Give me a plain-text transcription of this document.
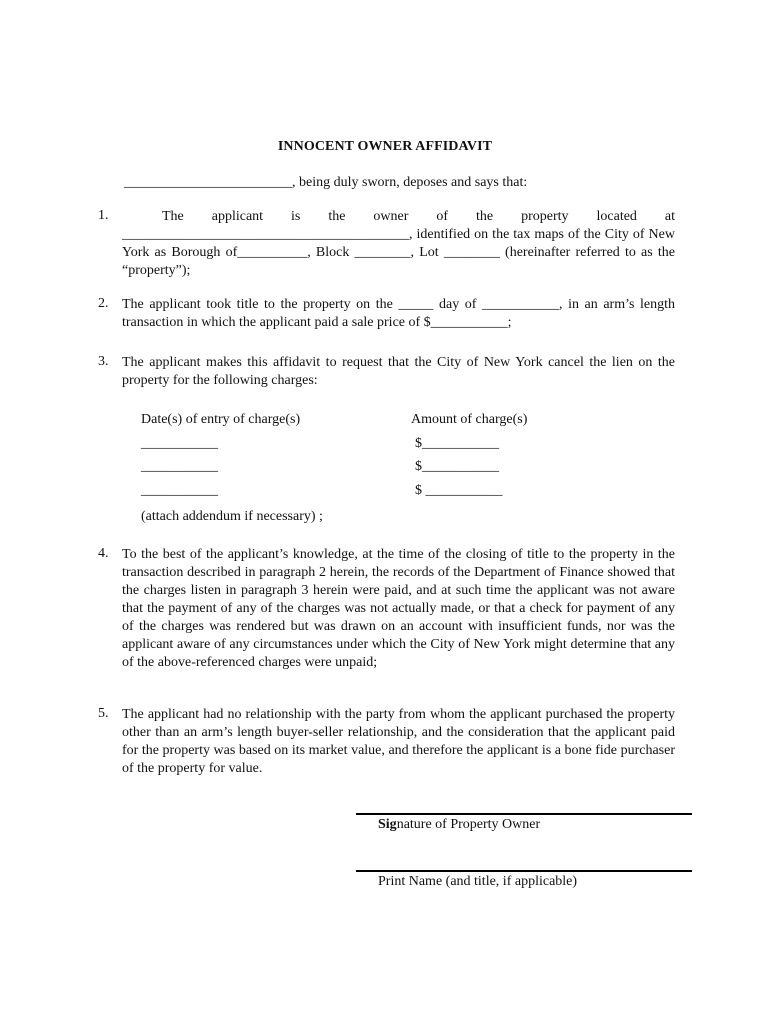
INNOCENT OWNER AFFIDAVIT
________________________, being duly sworn, deposes and says that:
1.	The applicant is the owner of the property located at
_________________________________________, identified on the tax maps of the City of New York as Borough of__________, Block ________, Lot ________ (hereinafter referred to as the “property”);
2. The applicant took title to the property on the _____ day of ___________, in an arm’s length transaction in which the applicant paid a sale price of $___________;
3. The applicant makes this affidavit to request that the City of New York cancel the lien on the property for the following charges:
Date(s) of entry of charge(s)
___________
___________
___________
Amount of charge(s)
$___________
$___________
$ ___________
(attach addendum if necessary) ;
4. To the best of the applicant’s knowledge, at the time of the closing of title to the property in the transaction described in paragraph 2 herein, the records of the Department of Finance showed that the charges listen in paragraph 3 herein were paid, and at such time the applicant was not aware that the payment of any of the charges was not actually made, or that a check for payment of any of the charges was rendered but was drawn on an account with insufficient funds, nor was the applicant aware of any circumstances under which the City of New York might determine that any of the above-referenced charges were unpaid;
5. The applicant had no relationship with the party from whom the applicant purchased the property other than an arm’s length buyer-seller relationship, and the consideration that the applicant paid for the property was based on its market value, and therefore the applicant is a bone fide purchaser of the property for value.
Signature of Property Owner
Print Name (and title, if applicable)
